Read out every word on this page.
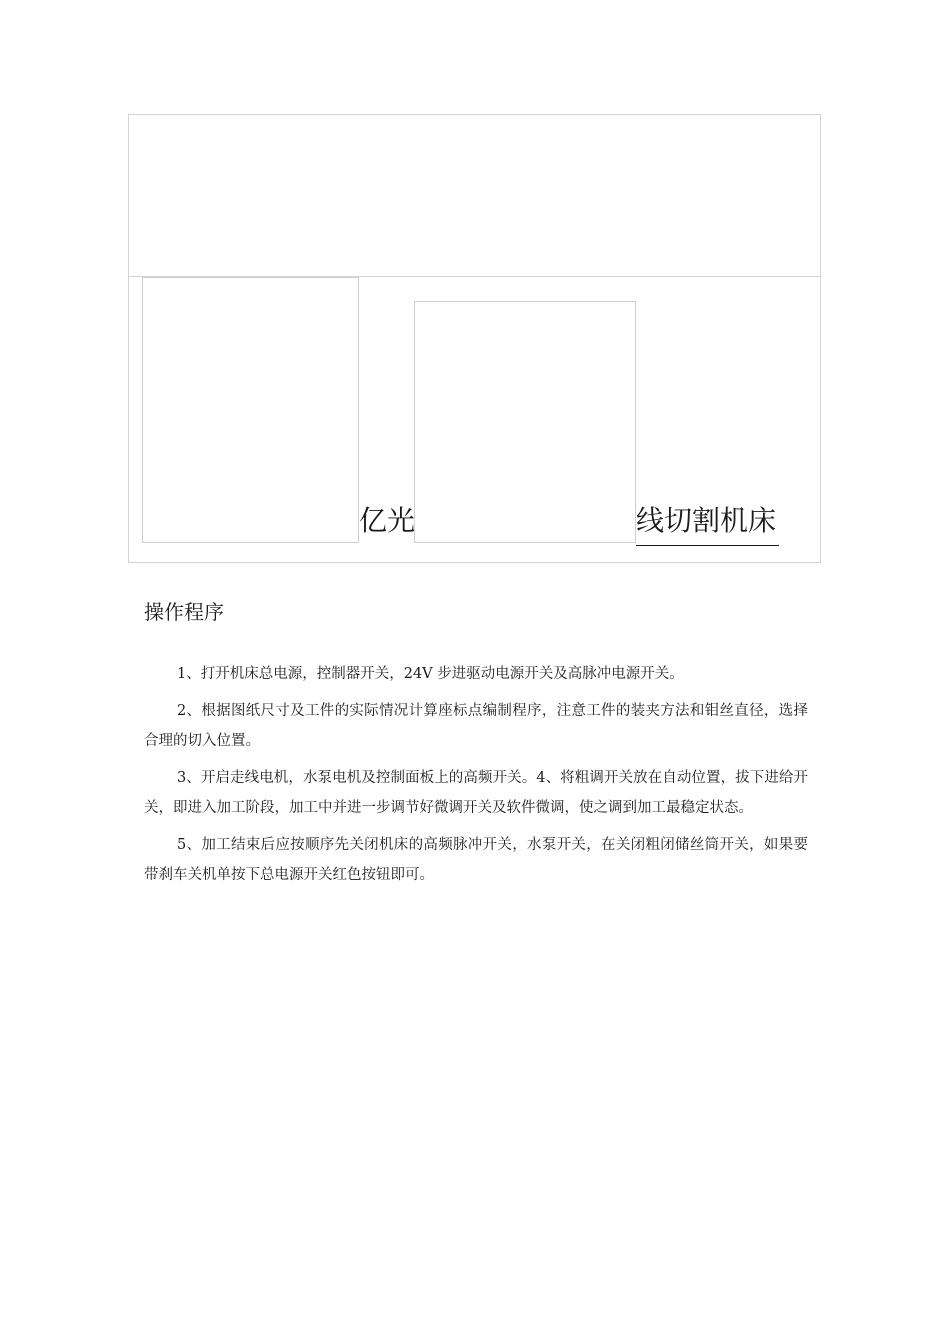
亿光	线切割机床
操作程序

1、打开机床总电源，控制器开关，24V 步进驱动电源开关及高脉冲电源开关。

2、根据图纸尺寸及工件的实际情况计算座标点编制程序，注意工件的装夹方法和钼丝直径，选择合理的切入位置。

3、开启走线电机，水泵电机及控制面板上的高频开关。4、将粗调开关放在自动位置，拔下进给开关，即进入加工阶段，加工中并进一步调节好微调开关及软件微调，使之调到加工最稳定状态。

5、加工结束后应按顺序先关闭机床的高频脉冲开关，水泵开关，在关闭粗闭储丝筒开关，如果要带刹车关机单按下总电源开关红色按钮即可。
